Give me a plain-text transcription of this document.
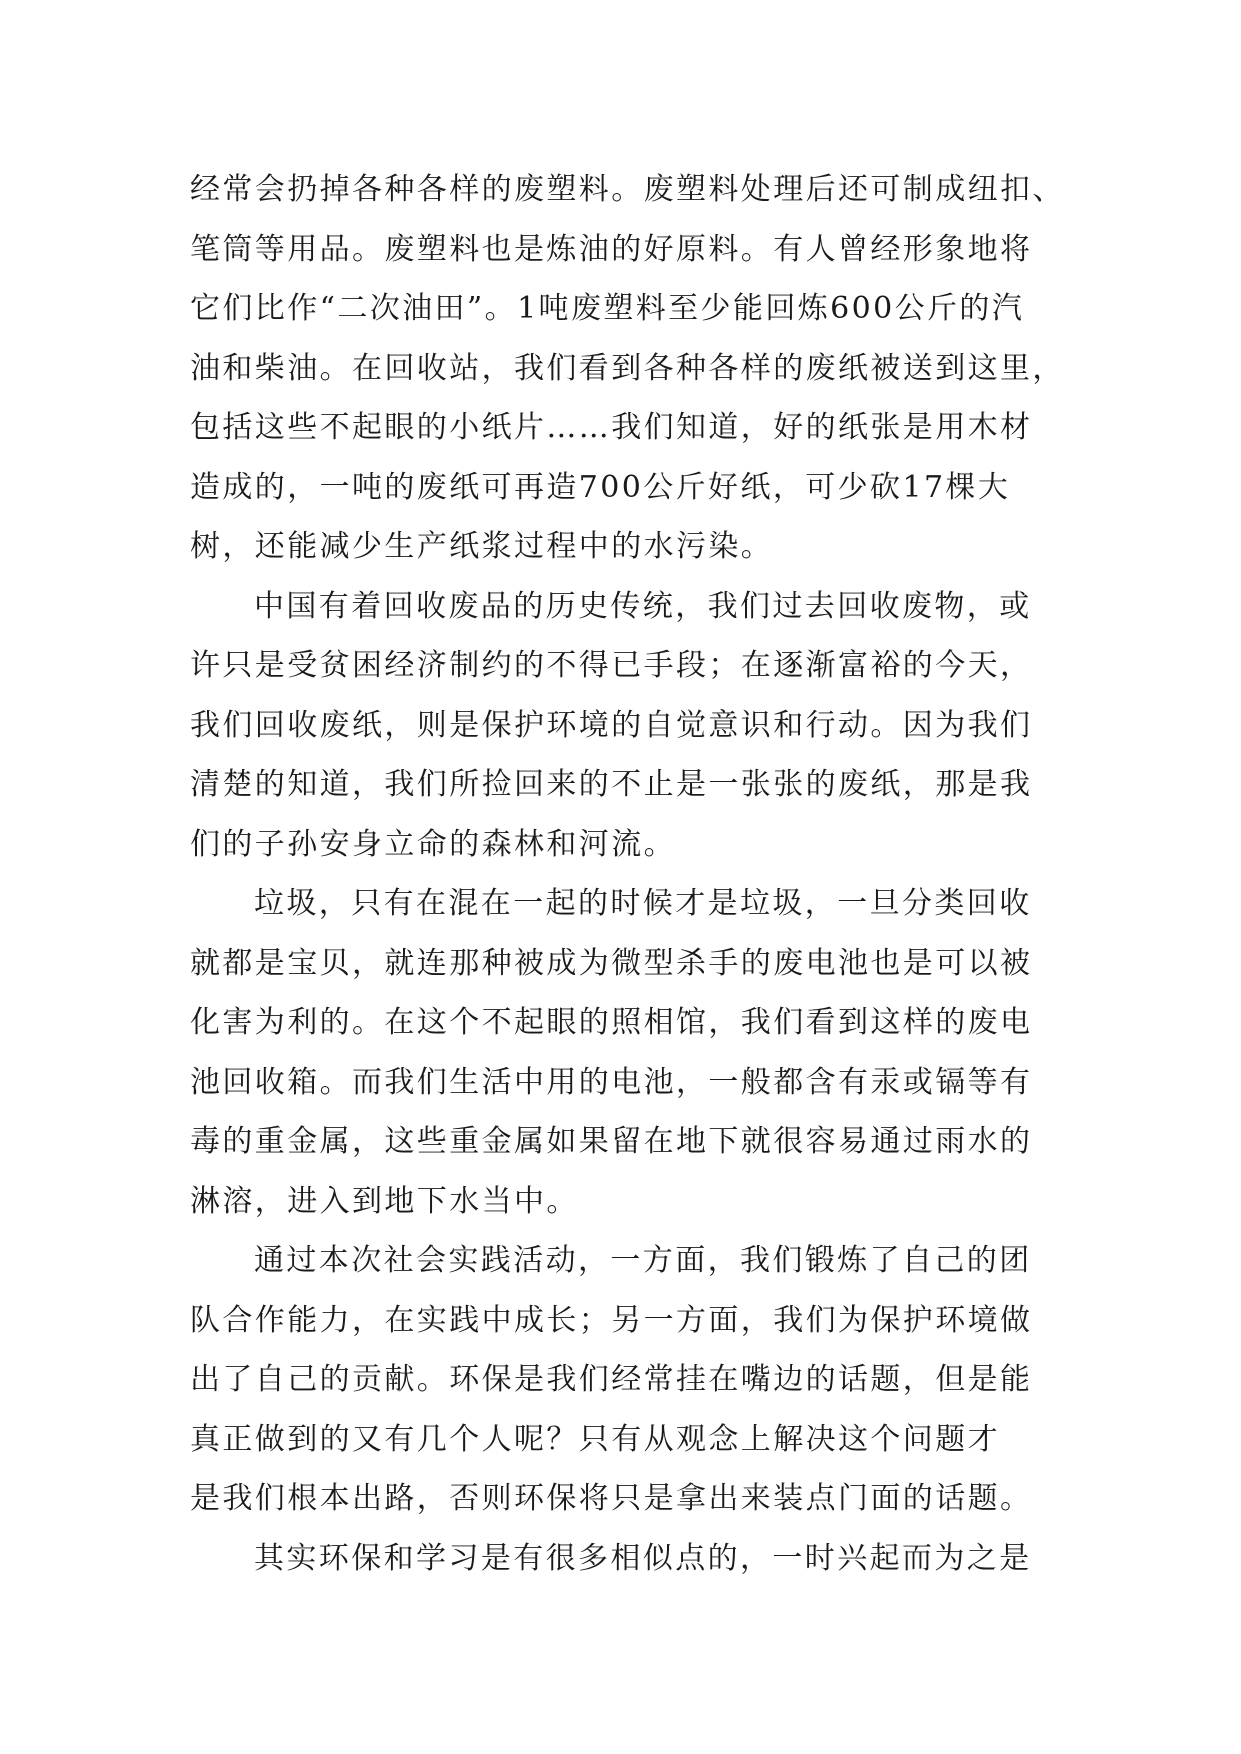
经常会扔掉各种各样的废塑料。废塑料处理后还可制成纽扣、
笔筒等用品。废塑料也是炼油的好原料。有人曾经形象地将
它们比作“二次油田”。1吨废塑料至少能回炼600公斤的汽
油和柴油。在回收站，我们看到各种各样的废纸被送到这里，
包括这些不起眼的小纸片……我们知道，好的纸张是用木材
造成的，一吨的废纸可再造700公斤好纸，可少砍17棵大
树，还能减少生产纸浆过程中的水污染。
中国有着回收废品的历史传统，我们过去回收废物，或
许只是受贫困经济制约的不得已手段；在逐渐富裕的今天，
我们回收废纸，则是保护环境的自觉意识和行动。因为我们
清楚的知道，我们所捡回来的不止是一张张的废纸，那是我
们的子孙安身立命的森林和河流。
垃圾，只有在混在一起的时候才是垃圾，一旦分类回收
就都是宝贝，就连那种被成为微型杀手的废电池也是可以被
化害为利的。在这个不起眼的照相馆，我们看到这样的废电
池回收箱。而我们生活中用的电池，一般都含有汞或镉等有
毒的重金属，这些重金属如果留在地下就很容易通过雨水的
淋溶，进入到地下水当中。
通过本次社会实践活动，一方面，我们锻炼了自己的团
队合作能力，在实践中成长；另一方面，我们为保护环境做
出了自己的贡献。环保是我们经常挂在嘴边的话题，但是能
真正做到的又有几个人呢？只有从观念上解决这个问题才
是我们根本出路，否则环保将只是拿出来装点门面的话题。
其实环保和学习是有很多相似点的，一时兴起而为之是
